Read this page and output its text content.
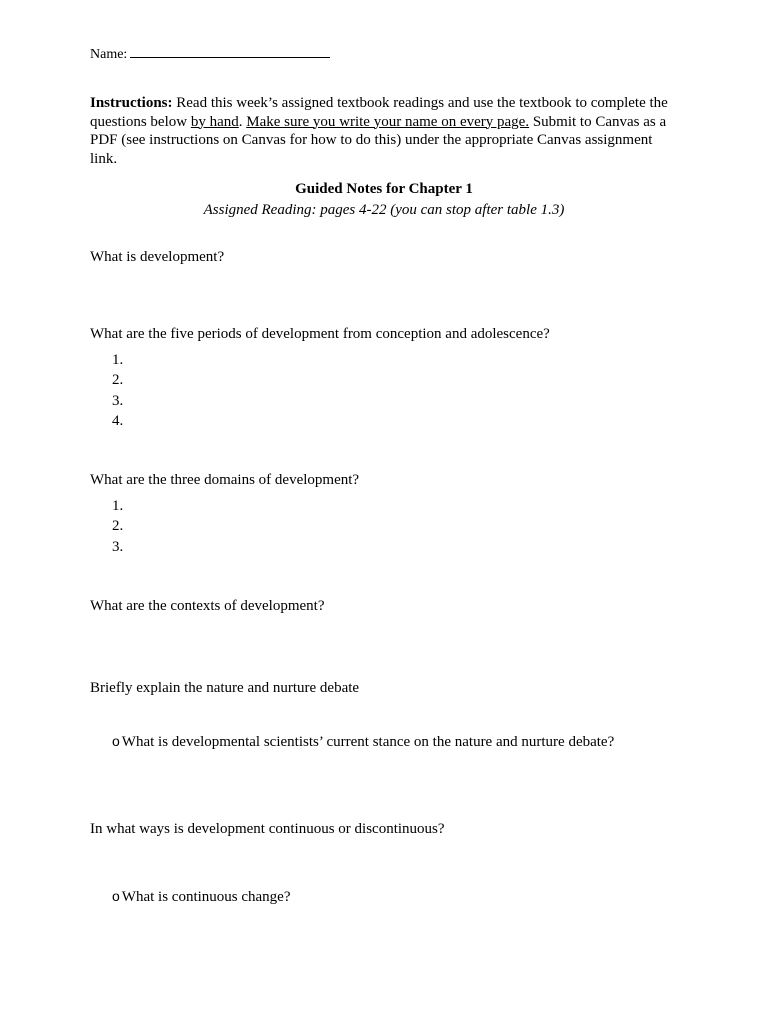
Name:
Instructions: Read this week’s assigned textbook readings and use the textbook to complete the questions below by hand. Make sure you write your name on every page. Submit to Canvas as a PDF (see instructions on Canvas for how to do this) under the appropriate Canvas assignment link.
Guided Notes for Chapter 1
Assigned Reading: pages 4-22 (you can stop after table 1.3)
What is development?
What are the five periods of development from conception and adolescence?
1.
2.
3.
4.
What are the three domains of development?
1.
2.
3.
What are the contexts of development?
Briefly explain the nature and nurture debate
o What is developmental scientists’ current stance on the nature and nurture debate?
In what ways is development continuous or discontinuous?
o What is continuous change?
